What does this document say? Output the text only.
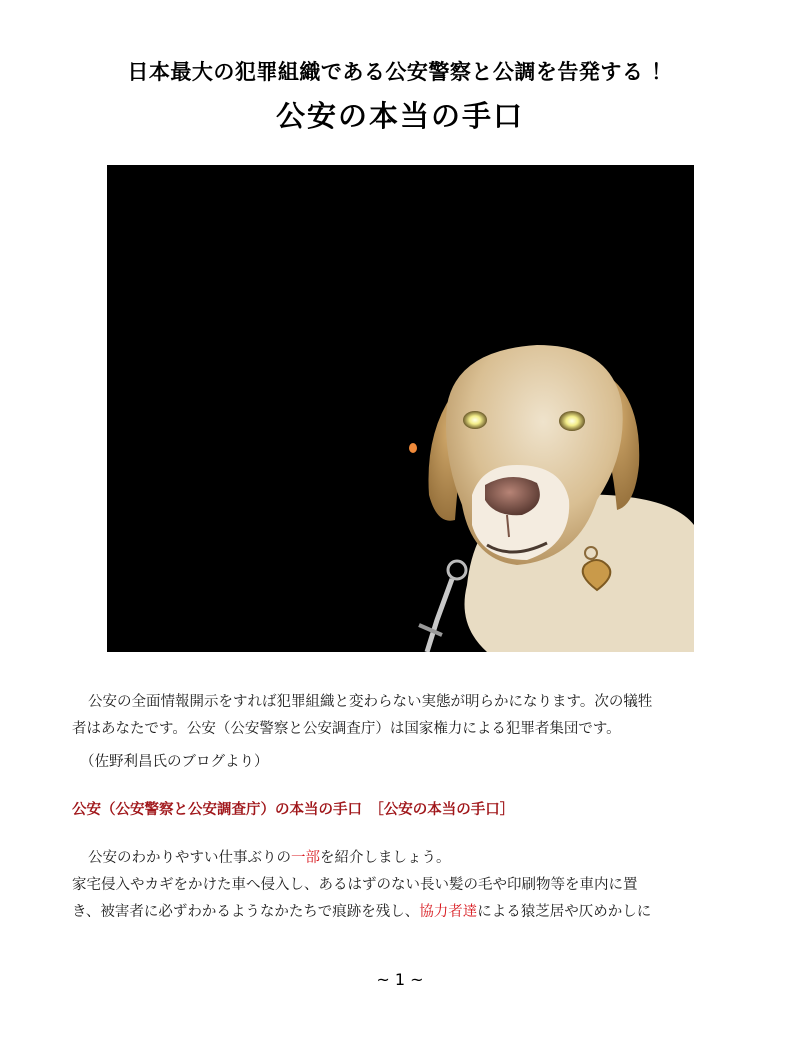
日本最大の犯罪組織である公安警察と公調を告発する ！
公安の本当の手口

公安の全面情報開示をすれば犯罪組織と変わらない実態が明らかになります。次の犠牲
者はあなたです。公安（公安警察と公安調査庁）は国家権力による犯罪者集団です。

（佐野利昌氏のブログより）

公安（公安警察と公安調査庁）の本当の手口　［公安の本当の手口］

公安のわかりやすい仕事ぶりの一部を紹介しましょう。
家宅侵入やカギをかけた車へ侵入し、あるはずのない長い髪の毛や印刷物等を車内に置
き、被害者に必ずわかるようなかたちで痕跡を残し、協力者達による猿芝居や仄めかしに

~ 1 ~
